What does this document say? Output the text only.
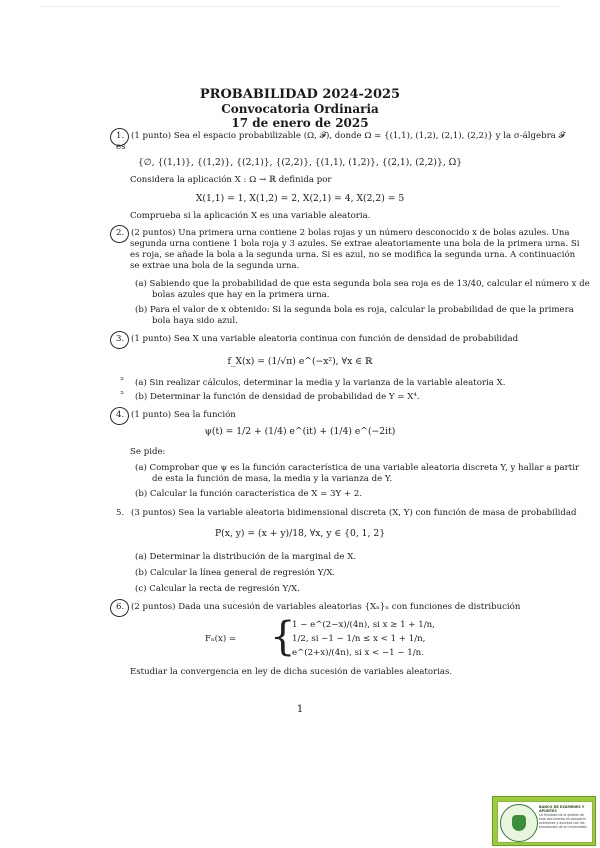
PROBABILIDAD 2024-2025
Convocatoria Ordinaria
17 de enero de 2025
1. (1 punto) Sea el espacio probabilizable (Ω, 𝓕), donde Ω = {(1,1), (1,2), (2,1), (2,2)} y la σ-álgebra 𝓕
es
{∅, {(1,1)}, {(1,2)}, {(2,1)}, {(2,2)}, {(1,1), (1,2)}, {(2,1), (2,2)}, Ω}
Considera la aplicación X : Ω → ℝ definida por
X(1,1) = 1, X(1,2) = 2, X(2,1) = 4, X(2,2) = 5
Comprueba si la aplicación X es una variable aleatoria.
2. (2 puntos) Una primera urna contiene 2 bolas rojas y un número desconocido x de bolas azules. Una
segunda urna contiene 1 bola roja y 3 azules. Se extrae aleatoriamente una bola de la primera urna. Si
es roja, se añade la bola a la segunda urna. Si es azul, no se modifica la segunda urna. A continuación
se extrae una bola de la segunda urna.
(a) Sabiendo que la probabilidad de que esta segunda bola sea roja es de 13/40, calcular el número x de
bolas azules que hay en la primera urna.
(b) Para el valor de x obtenido: Si la segunda bola es roja, calcular la probabilidad de que la primera
bola haya sido azul.
3. (1 punto) Sea X una variable aleatoria continua con función de densidad de probabilidad
f_X(x) = (1/√π) e^(−x²), ∀x ∈ ℝ
ᐣ (a) Sin realizar cálculos, determinar la media y la varianza de la variable aleatoria X.
ᐣ (b) Determinar la función de densidad de probabilidad de Y = X⁴.
4. (1 punto) Sea la función
ψ(t) = 1/2 + (1/4) e^(it) + (1/4) e^(−2it)
Se pide:
(a) Comprobar que ψ es la función característica de una variable aleatoria discreta Y, y hallar a partir
de esta la función de masa, la media y la varianza de Y.
(b) Calcular la función característica de X = 3Y + 2.
5. (3 puntos) Sea la variable aleatoria bidimensional discreta (X, Y) con función de masa de probabilidad
P(x, y) = (x + y)/18, ∀x, y ∈ {0, 1, 2}
(a) Determinar la distribución de la marginal de X.
(b) Calcular la línea general de regresión Y/X.
(c) Calcular la recta de regresión Y/X.
6. (2 puntos) Dada una sucesión de variables aleatorias {Xₙ}ₙ con funciones de distribución
Fₙ(x) = {
1 − e^(2−x)/(4n), si x ≥ 1 + 1/n,
1/2, si −1 − 1/n ≤ x < 1 + 1/n,
e^(2+x)/(4n), si x < −1 − 1/n.
Estudiar la convergencia en ley de dicha sucesión de variables aleatorias.
1
BANCO DE EXÁMENES Y APUNTES
La finalidad de la gestión de este documento es compartir exámenes y apuntes con los estudiantes de la Universidad.
